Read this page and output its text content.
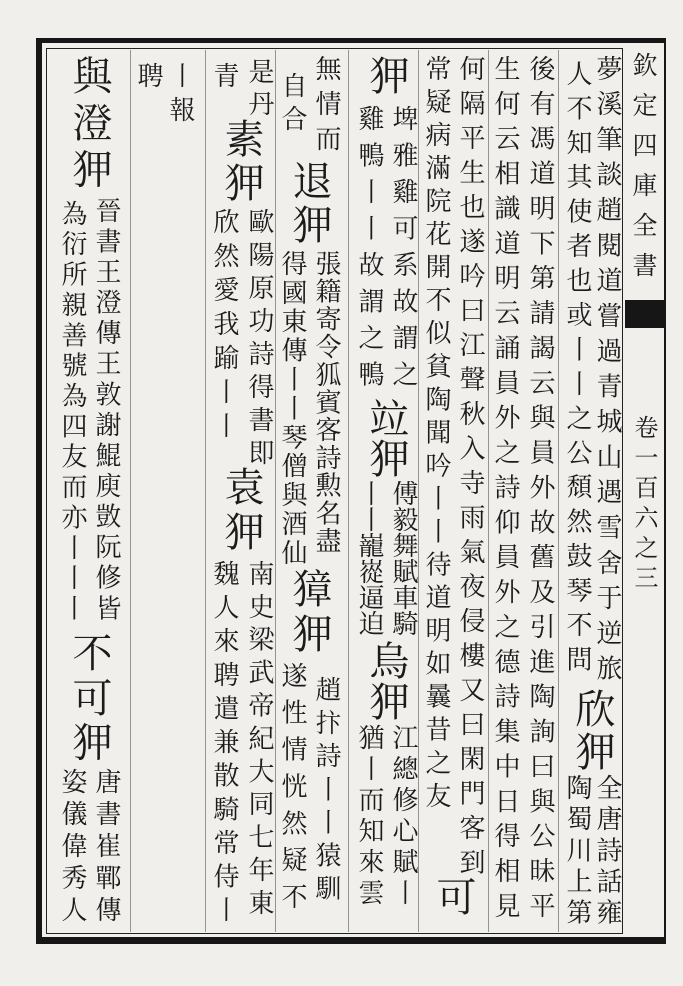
欽定四庫全書
卷一百六之三
夢溪筆談趙閱道嘗過青城山遇雪舍于逆旅
人不知其使者也或丨丨之公頹然鼓琴不問
欣狎
全唐詩話雍
陶蜀川上第
後有馮道明下第請謁云與員外故舊及引進陶詢曰與公昧平
生何云相識道明云誦員外之詩仰員外之德詩集中日得相見
何隔平生也遂吟曰江聲秋入寺雨氣夜侵樓又曰閑門客到
常疑病滿院花開不似貧陶聞吟丨丨待道明如曩昔之友
可
狎
埤雅雞可系故謂之
雞鴨丨丨故謂之鴨
竝狎
傅毅舞賦車騎
丨丨巃嵸逼迫
烏狎
江總修心賦丨
猶丨而知來雲
無情而
自合
退狎
張籍寄令狐賓客詩勲名盡
得國東傳丨丨琴僧與酒仙
獐狎
趙抃詩丨丨猿馴
遂性情恍然疑不
是丹
青
素狎
歐陽原功詩得書即
欣然愛我踰丨丨
袁狎
南史梁武帝紀大同七年東
魏人來聘遣兼散騎常侍丨
丨報
聘
與澄狎
晉書王澄傳王敦謝鯤庾敳阮修皆
為衍所親善號為四友而亦丨丨丨
不可狎
唐書崔鄲傳
姿儀偉秀人
